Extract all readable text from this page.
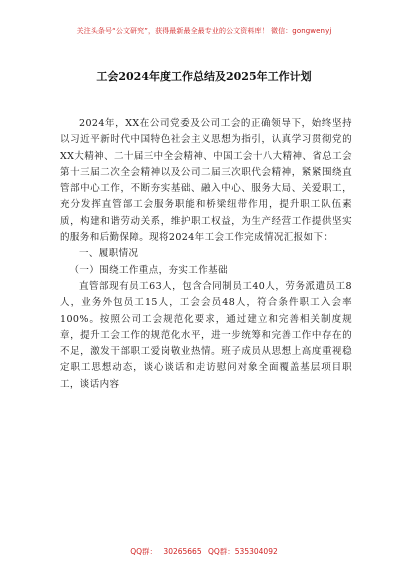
关注头条号“公文研究”，获得最新最全最专业的公文资料库！ 微信：gongwenyj
工会2024年度工作总结及2025年工作计划

2024年，XX在公司党委及公司工会的正确领导下，始终坚持以习近平新时代中国特色社会主义思想为指引，认真学习贯彻党的XX大精神、二十届三中全会精神、中国工会十八大精神、省总工会第十三届二次全会精神以及公司二届三次职代会精神，紧紧围绕直管部中心工作，不断夯实基础、融入中心、服务大局、关爱职工，充分发挥直管部工会服务职能和桥梁纽带作用，提升职工队伍素质，构建和谐劳动关系，维护职工权益，为生产经营工作提供坚实的服务和后勤保障。现将2024年工会工作完成情况汇报如下：

一、履职情况
（一）围绕工作重点，夯实工作基础

直管部现有员工63人，包含合同制员工40人，劳务派遣员工8人，业务外包员工15人，工会会员48人，符合条件职工入会率100%。按照公司工会规范化要求，通过建立和完善相关制度规章，提升工会工作的规范化水平，进一步统筹和完善工作中存在的不足，激发干部职工爱岗敬业热情。班子成员从思想上高度重视稳定职工思想动态，谈心谈话和走访慰问对象全面覆盖基层项目职工，谈话内容

QQ群： 30265665 QQ群：535304092
